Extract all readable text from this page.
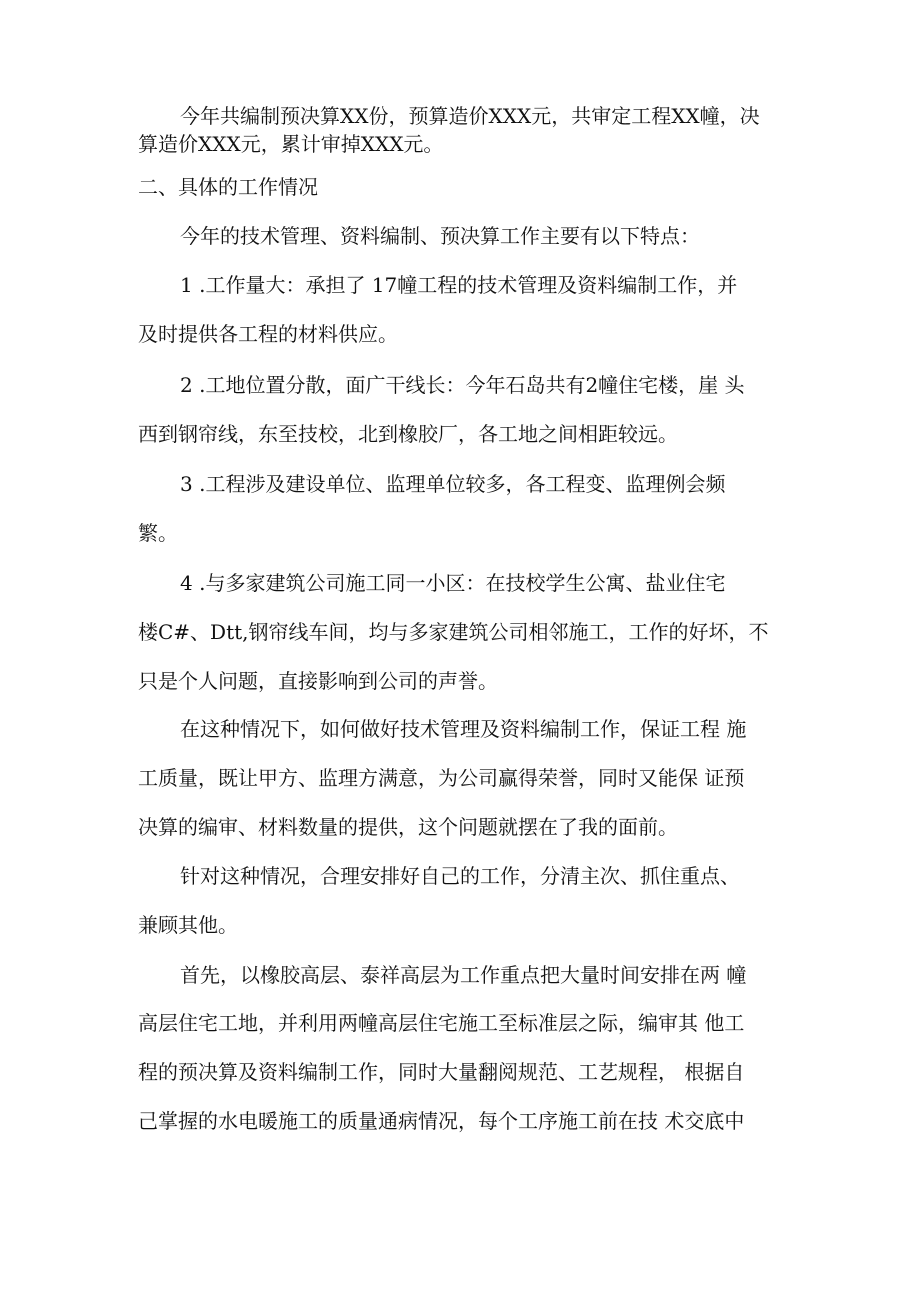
今年共编制预决算XX份，预算造价XXX元，共审定工程XX幢，决
算造价XXX元，累计审掉XXX元。
二、具体的工作情况
今年的技术管理、资料编制、预决算工作主要有以下特点：
1 .工作量大：承担了 17幢工程的技术管理及资料编制工作，并
及时提供各工程的材料供应。
2 .工地位置分散，面广干线长：今年石岛共有2幢住宅楼，崖 头
西到钢帘线，东至技校，北到橡胶厂，各工地之间相距较远。
3 .工程涉及建设单位、监理单位较多，各工程变、监理例会频
繁。
4 .与多家建筑公司施工同一小区：在技校学生公寓、盐业住宅
楼C#、Dtt,钢帘线车间，均与多家建筑公司相邻施工，工作的好坏，不
只是个人问题，直接影响到公司的声誉。
在这种情况下，如何做好技术管理及资料编制工作，保证工程 施
工质量，既让甲方、监理方满意，为公司赢得荣誉，同时又能保 证预
决算的编审、材料数量的提供，这个问题就摆在了我的面前。
针对这种情况，合理安排好自己的工作，分清主次、抓住重点、
兼顾其他。
首先，以橡胶高层、泰祥高层为工作重点把大量时间安排在两 幢
高层住宅工地，并利用两幢高层住宅施工至标准层之际，编审其 他工
程的预决算及资料编制工作，同时大量翻阅规范、工艺规程， 根据自
己掌握的水电暖施工的质量通病情况，每个工序施工前在技 术交底中
